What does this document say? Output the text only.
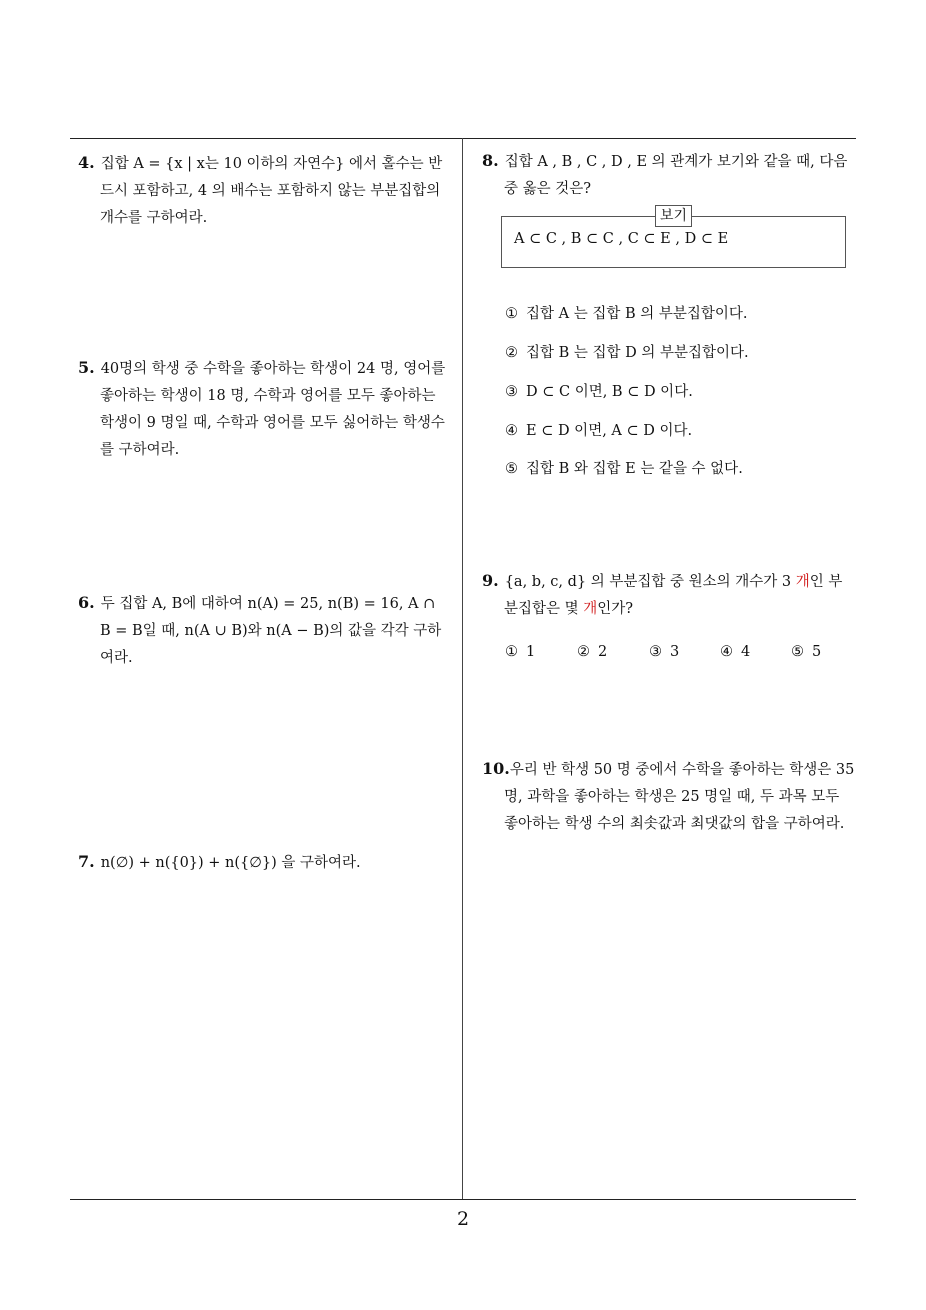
4. 집합 A = {x | x는 10 이하의 자연수} 에서 홀수는 반
드시 포함하고, 4 의 배수는 포함하지 않는 부분집합의
개수를 구하여라.
5. 40명의 학생 중 수학을 좋아하는 학생이 24 명, 영어를
좋아하는 학생이 18 명, 수학과 영어를 모두 좋아하는
학생이 9 명일 때, 수학과 영어를 모두 싫어하는 학생수
를 구하여라.
6. 두 집합 A, B에 대하여 n(A) = 25, n(B) = 16, A ∩
B = B일 때, n(A ∪ B)와 n(A − B)의 값을 각각 구하
여라.
7. n(∅) + n({0}) + n({∅}) 을 구하여라.
8. 집합 A , B , C , D , E 의 관계가 보기와 같을 때, 다음
중 옳은 것은?
보기
A ⊂ C , B ⊂ C , C ⊂ E , D ⊂ E
① 집합 A 는 집합 B 의 부분집합이다.
② 집합 B 는 집합 D 의 부분집합이다.
③ D ⊂ C 이면, B ⊂ D 이다.
④ E ⊂ D 이면, A ⊂ D 이다.
⑤ 집합 B 와 집합 E 는 같을 수 없다.
9. {a, b, c, d} 의 부분집합 중 원소의 개수가 3 개인 부
분집합은 몇 개인가?
① 1	② 2	③ 3	④ 4	⑤ 5
10.우리 반 학생 50 명 중에서 수학을 좋아하는 학생은 35
명, 과학을 좋아하는 학생은 25 명일 때, 두 과목 모두
좋아하는 학생 수의 최솟값과 최댓값의 합을 구하여라.
2
